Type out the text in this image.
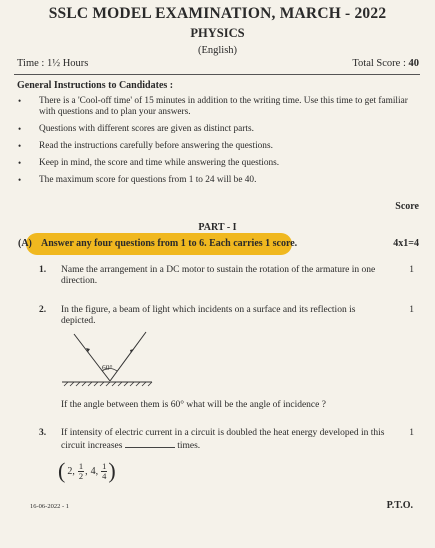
SSLC MODEL EXAMINATION, MARCH - 2022
PHYSICS
(English)
Time : 1½ Hours	Total Score : 40
General Instructions to Candidates :
• There is a 'Cool-off time' of 15 minutes in addition to the writing time. Use this time to get familiar with questions and to plan your answers.
• Questions with different scores are given as distinct parts.
• Read the instructions carefully before answering the questions.
• Keep in mind, the score and time while answering the questions.
• The maximum score for questions from 1 to 24 will be 40.
Score
PART - I
(A) Answer any four questions from 1 to 6. Each carries 1 score.	4x1=4
1. Name the arrangement in a DC motor to sustain the rotation of the armature in one direction.
1
2. In the figure, a beam of light which incidents on a surface and its reflection is depicted.
1
60°
If the angle between them is 60° what will be the angle of incidence ?
3. If intensity of electric current in a circuit is doubled the heat energy developed in this circuit increases	times.
1
( 2, $\frac{1}{2}$ , 4, $\frac{1}{4}$ )
16-06-2022 - 1	P.T.O.
